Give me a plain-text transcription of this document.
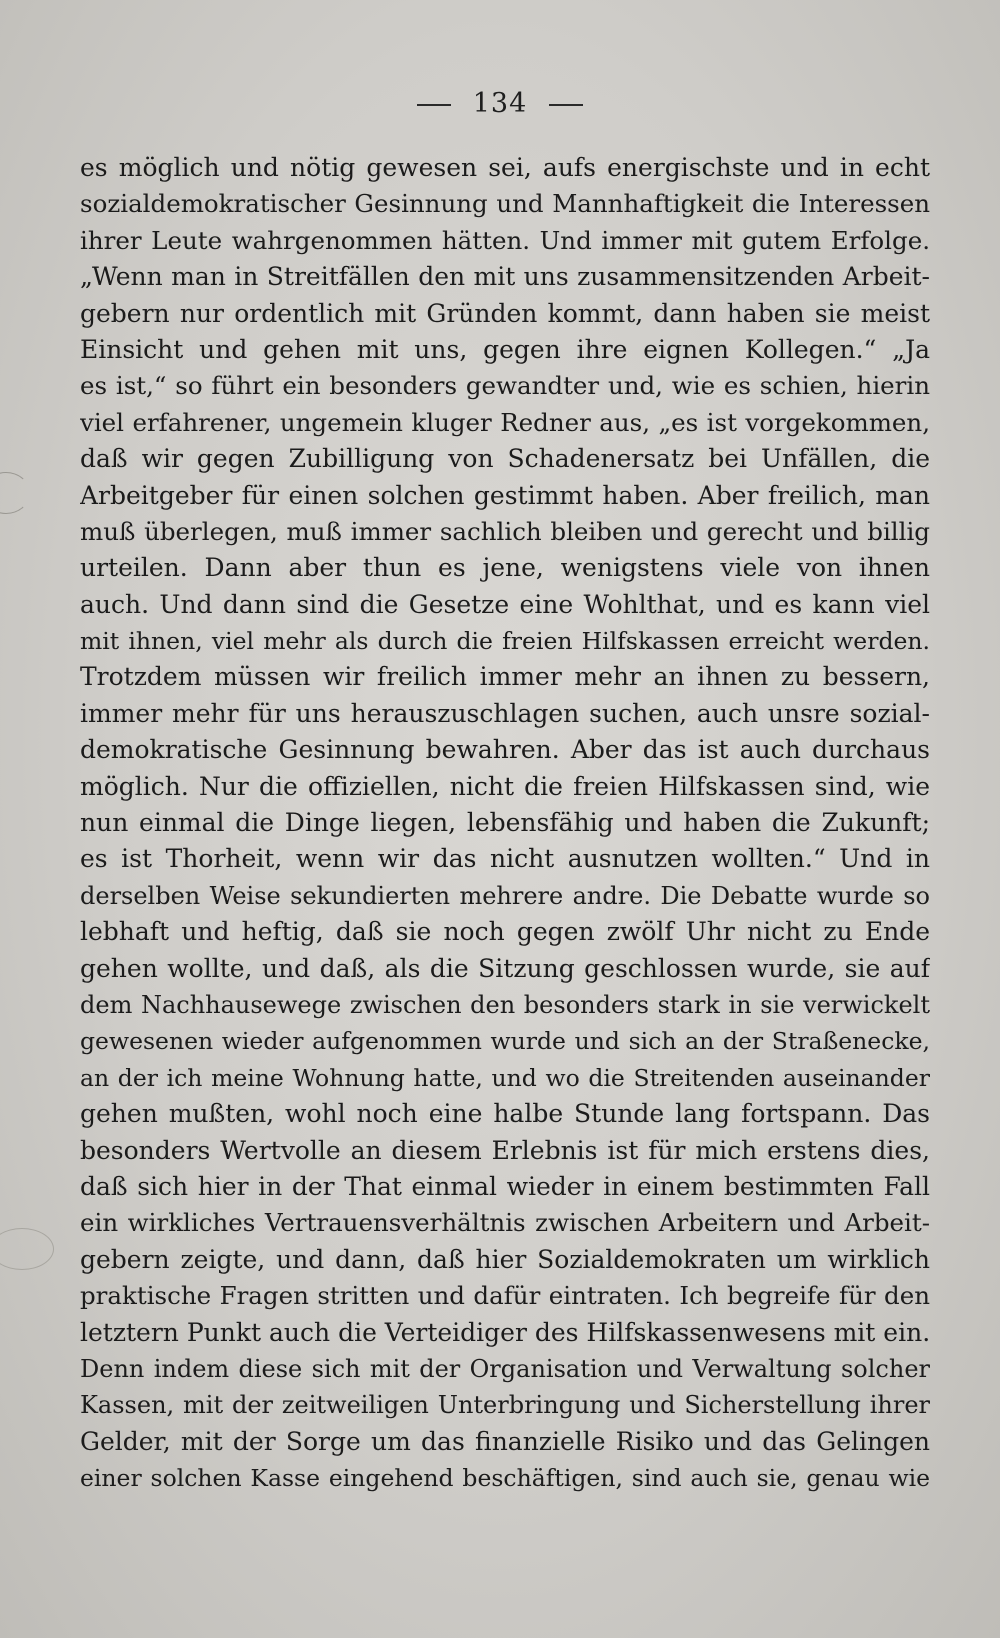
134
es möglich und nötig gewesen sei, aufs energischste und in echt
sozialdemokratischer Gesinnung und Mannhaftigkeit die Interessen
ihrer Leute wahrgenommen hätten. Und immer mit gutem Erfolge.
„Wenn man in Streitfällen den mit uns zusammensitzenden Arbeit-
gebern nur ordentlich mit Gründen kommt, dann haben sie meist
Einsicht und gehen mit uns, gegen ihre eignen Kollegen.“ „Ja
es ist,“ so führt ein besonders gewandter und, wie es schien, hierin
viel erfahrener, ungemein kluger Redner aus, „es ist vorgekommen,
daß wir gegen Zubilligung von Schadenersatz bei Unfällen, die
Arbeitgeber für einen solchen gestimmt haben. Aber freilich, man
muß überlegen, muß immer sachlich bleiben und gerecht und billig
urteilen. Dann aber thun es jene, wenigstens viele von ihnen
auch. Und dann sind die Gesetze eine Wohlthat, und es kann viel
mit ihnen, viel mehr als durch die freien Hilfskassen erreicht werden.
Trotzdem müssen wir freilich immer mehr an ihnen zu bessern,
immer mehr für uns herauszuschlagen suchen, auch unsre sozial-
demokratische Gesinnung bewahren. Aber das ist auch durchaus
möglich. Nur die offiziellen, nicht die freien Hilfskassen sind, wie
nun einmal die Dinge liegen, lebensfähig und haben die Zukunft;
es ist Thorheit, wenn wir das nicht ausnutzen wollten.“ Und in
derselben Weise sekundierten mehrere andre. Die Debatte wurde so
lebhaft und heftig, daß sie noch gegen zwölf Uhr nicht zu Ende
gehen wollte, und daß, als die Sitzung geschlossen wurde, sie auf
dem Nachhausewege zwischen den besonders stark in sie verwickelt
gewesenen wieder aufgenommen wurde und sich an der Straßenecke,
an der ich meine Wohnung hatte, und wo die Streitenden auseinander
gehen mußten, wohl noch eine halbe Stunde lang fortspann. Das
besonders Wertvolle an diesem Erlebnis ist für mich erstens dies,
daß sich hier in der That einmal wieder in einem bestimmten Fall
ein wirkliches Vertrauensverhältnis zwischen Arbeitern und Arbeit-
gebern zeigte, und dann, daß hier Sozialdemokraten um wirklich
praktische Fragen stritten und dafür eintraten. Ich begreife für den
letztern Punkt auch die Verteidiger des Hilfskassenwesens mit ein.
Denn indem diese sich mit der Organisation und Verwaltung solcher
Kassen, mit der zeitweiligen Unterbringung und Sicherstellung ihrer
Gelder, mit der Sorge um das finanzielle Risiko und das Gelingen
einer solchen Kasse eingehend beschäftigen, sind auch sie, genau wie
